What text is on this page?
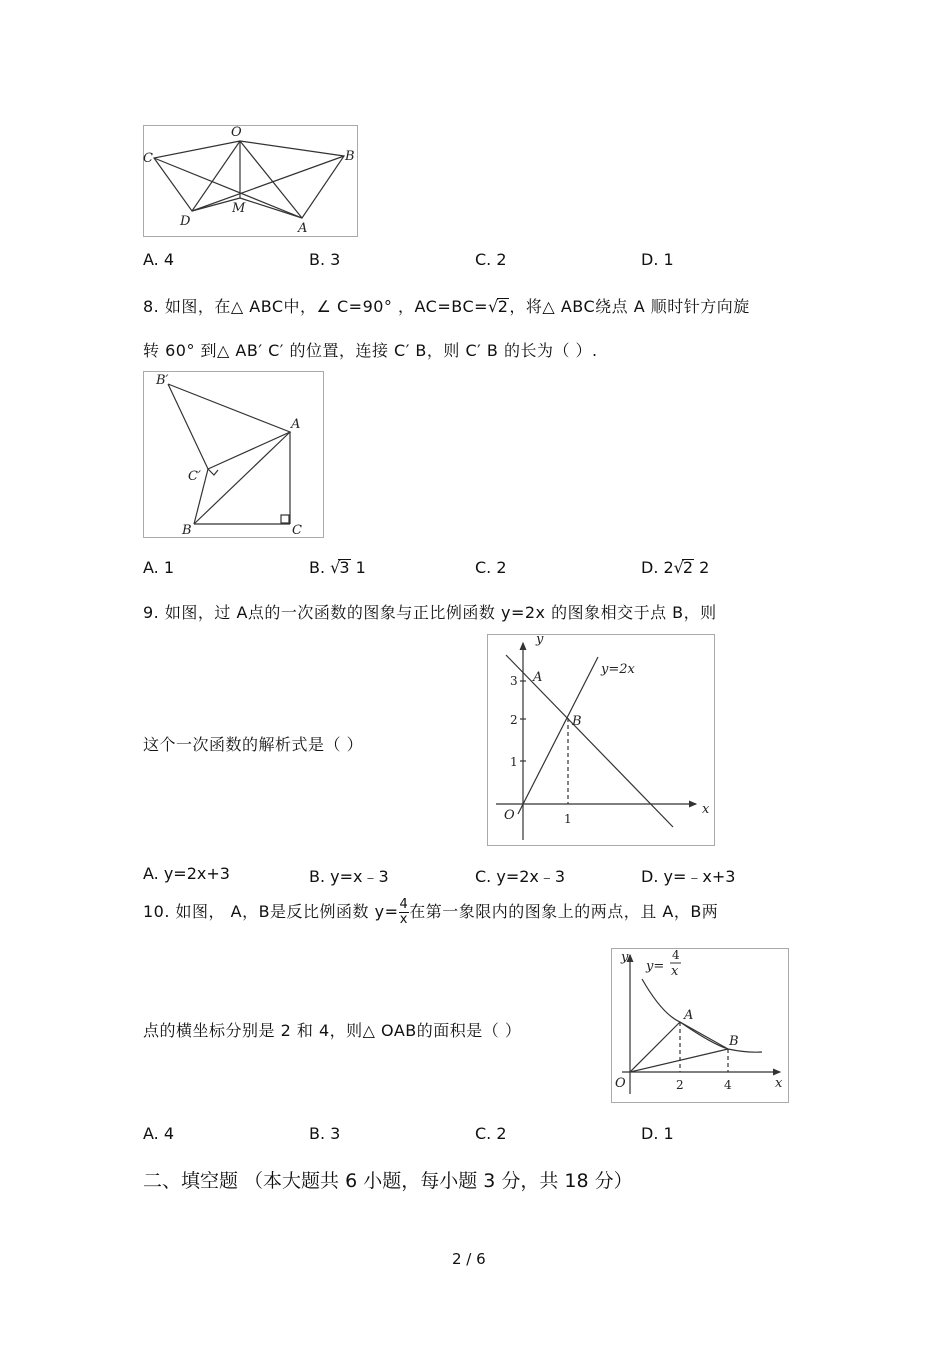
O
C	B
D
M
A
A. 4	B. 3	C. 2	D. 1
8. 如图，在△ ABC中，∠ C=90° ，AC=BC=√2，将△ ABC绕点 A 顺时针方向旋
转 60° 到△ AB′ C′ 的位置，连接 C′ B，则 C′ B 的长为（ ）.
B′
A
C′
B	C
A. 1	B. √3 1	C. 2	D. 2√2 2
9. 如图，过 A点的一次函数的图象与正比例函数 y=2x 的图象相交于点 B，则
这个一次函数的解析式是（ ）
y
y=2x
A
3
2
1
B
O	1
x
A. y=2x+3	B. y=x﹣3	C. y=2x﹣3	D. y=﹣x+3
10. 如图， A，B是反比例函数 $y= \frac{4}{x}$ 在第一象限内的图象上的两点，且 A，B两
点的横坐标分别是 2 和 4，则△ OAB的面积是（ ）
y
y=
4
x
A
B
O	2	4	x
A. 4	B. 3	C. 2	D. 1
二、填空题 （本大题共 6 小题，每小题 3 分，共 18 分）
2 / 6
